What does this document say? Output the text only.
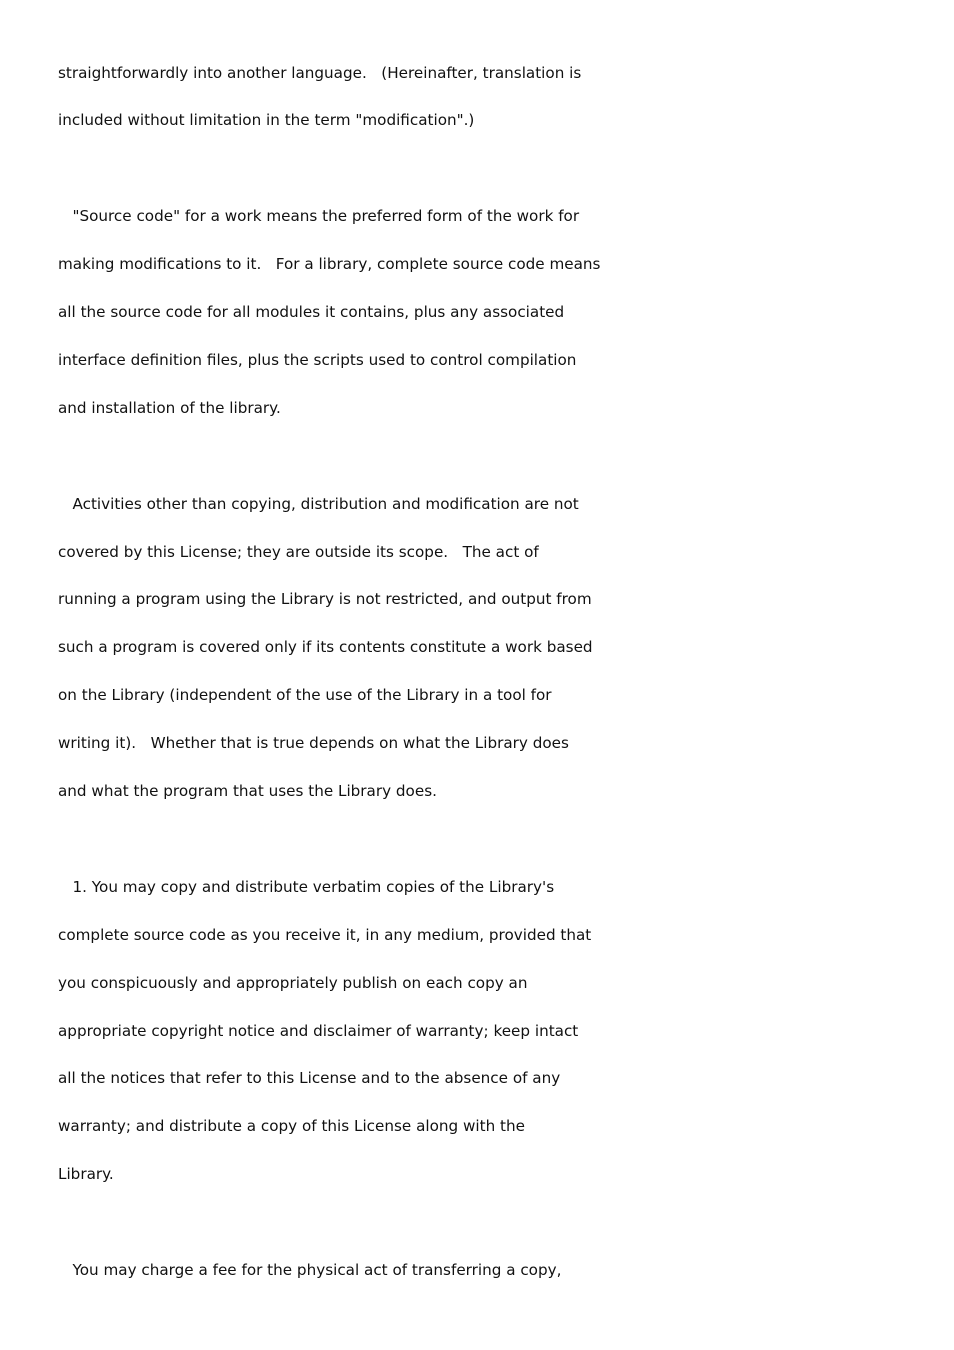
straightforwardly into another language.   (Hereinafter, translation is

included without limitation in the term "modification".)

"Source code" for a work means the preferred form of the work for

making modifications to it.   For a library, complete source code means

all the source code for all modules it contains, plus any associated

interface definition files, plus the scripts used to control compilation

and installation of the library.

Activities other than copying, distribution and modification are not

covered by this License; they are outside its scope.   The act of

running a program using the Library is not restricted, and output from

such a program is covered only if its contents constitute a work based

on the Library (independent of the use of the Library in a tool for

writing it).   Whether that is true depends on what the Library does

and what the program that uses the Library does.

1. You may copy and distribute verbatim copies of the Library's

complete source code as you receive it, in any medium, provided that

you conspicuously and appropriately publish on each copy an

appropriate copyright notice and disclaimer of warranty; keep intact

all the notices that refer to this License and to the absence of any

warranty; and distribute a copy of this License along with the

Library.

You may charge a fee for the physical act of transferring a copy,
